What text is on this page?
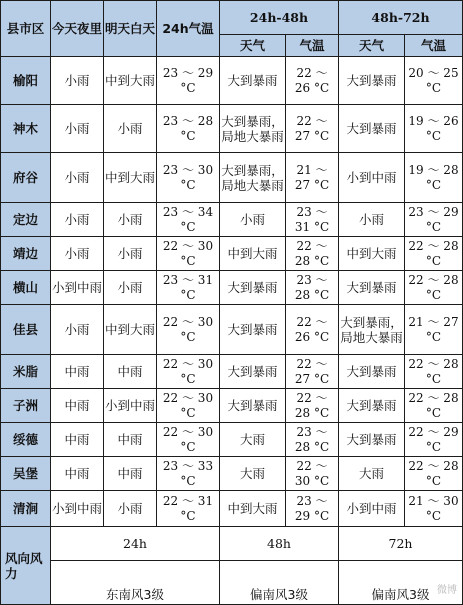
县市区	今天夜里	明天白天	24h气温	24h-48h		48h-72h	
				天气	气温	天气	气温
榆阳	小雨	中到大雨	23 ～ 29 °C	大到暴雨	22 ～ 26 °C	大到暴雨	20 ～ 25 °C
神木	小雨	小雨	23 ～ 28 °C	大到暴雨，局地大暴雨	22 ～ 27 °C	大到暴雨	19 ～ 26 °C
府谷	小雨	中到大雨	23 ～ 30 °C	大到暴雨，局地大暴雨	21 ～ 27 °C	小到中雨	19 ～ 28 °C
定边	小雨	小雨	23 ～ 34 °C	小雨	23 ～ 31 °C	小雨	23 ～ 29 °C
靖边	小雨	小雨	22 ～ 30 °C	中到大雨	22 ～ 28 °C	中到大雨	22 ～ 28 °C
横山	小到中雨	小雨	23 ～ 31 °C	大到暴雨	23 ～ 28 °C	大到暴雨	22 ～ 28 °C
佳县	小雨	中到大雨	22 ～ 30 °C	大到暴雨	22 ～ 26 °C	大到暴雨，局地大暴雨	21 ～ 27 °C
米脂	中雨	中雨	22 ～ 30 °C	大到暴雨	22 ～ 27 °C	大到暴雨	22 ～ 28 °C
子洲	中雨	小到中雨	22 ～ 30 °C	大到暴雨	22 ～ 28 °C	大到暴雨	22 ～ 28 °C
绥德	中雨	中雨	22 ～ 30 °C	大雨	23 ～ 28 °C	大到暴雨	22 ～ 29 °C
吴堡	中雨	中雨	23 ～ 33 °C	大雨	22 ～ 30 °C	大雨	22 ～ 28 °C
清涧	小到中雨	小雨	22 ～ 31 °C	中到大雨	23 ～ 29 °C	小到中雨	21 ～ 30 °C
风向风力	24h			48h		72h	
	东南风3级			偏南风3级		偏南风3级	微博
